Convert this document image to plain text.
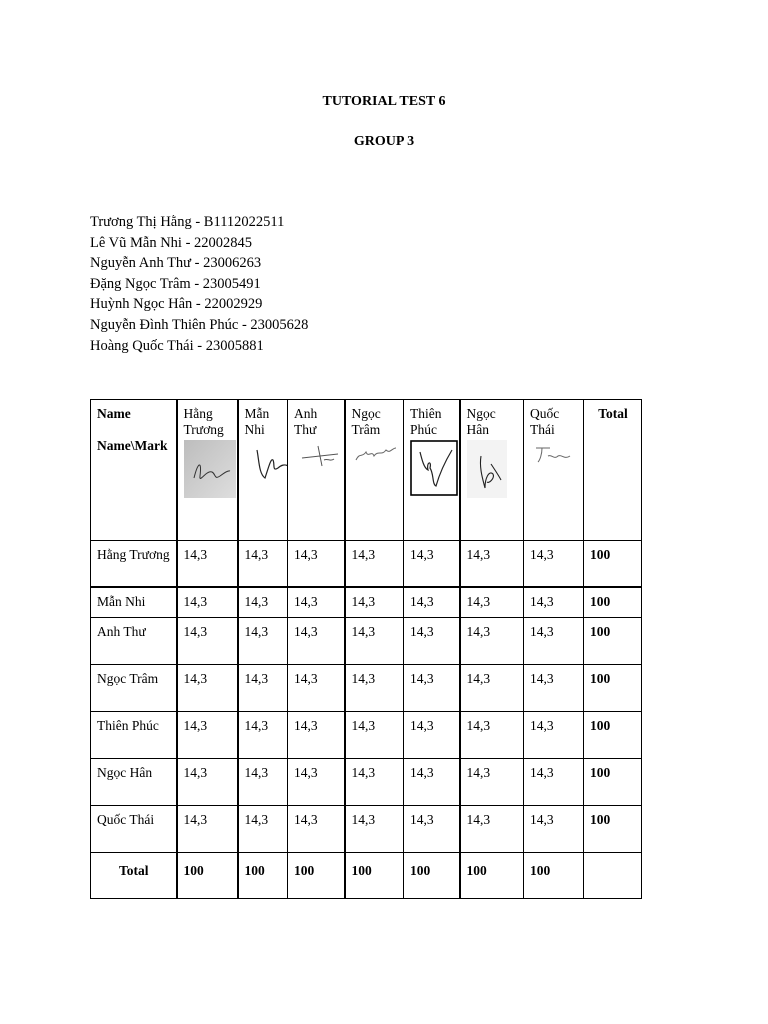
TUTORIAL TEST 6
GROUP 3
Trương Thị Hằng - B1112022511
Lê Vũ Mẫn Nhi - 22002845
Nguyễn Anh Thư - 23006263
Đặng Ngọc Trâm - 23005491
Huỳnh Ngọc Hân - 22002929
Nguyễn Đình Thiên Phúc - 23005628
Hoàng Quốc Thái - 23005881
Name
Name\Mark	Hằng Trương	Mẫn Nhi	Anh Thư	Ngọc Trâm	Thiên Phúc	Ngọc Hân	Quốc Thái	Total
Hằng Trương	14,3	14,3	14,3	14,3	14,3	14,3	14,3	100
Mẫn Nhi	14,3	14,3	14,3	14,3	14,3	14,3	14,3	100
Anh Thư	14,3	14,3	14,3	14,3	14,3	14,3	14,3	100
Ngọc Trâm	14,3	14,3	14,3	14,3	14,3	14,3	14,3	100
Thiên Phúc	14,3	14,3	14,3	14,3	14,3	14,3	14,3	100
Ngọc Hân	14,3	14,3	14,3	14,3	14,3	14,3	14,3	100
Quốc Thái	14,3	14,3	14,3	14,3	14,3	14,3	14,3	100
Total	100	100	100	100	100	100	100	
